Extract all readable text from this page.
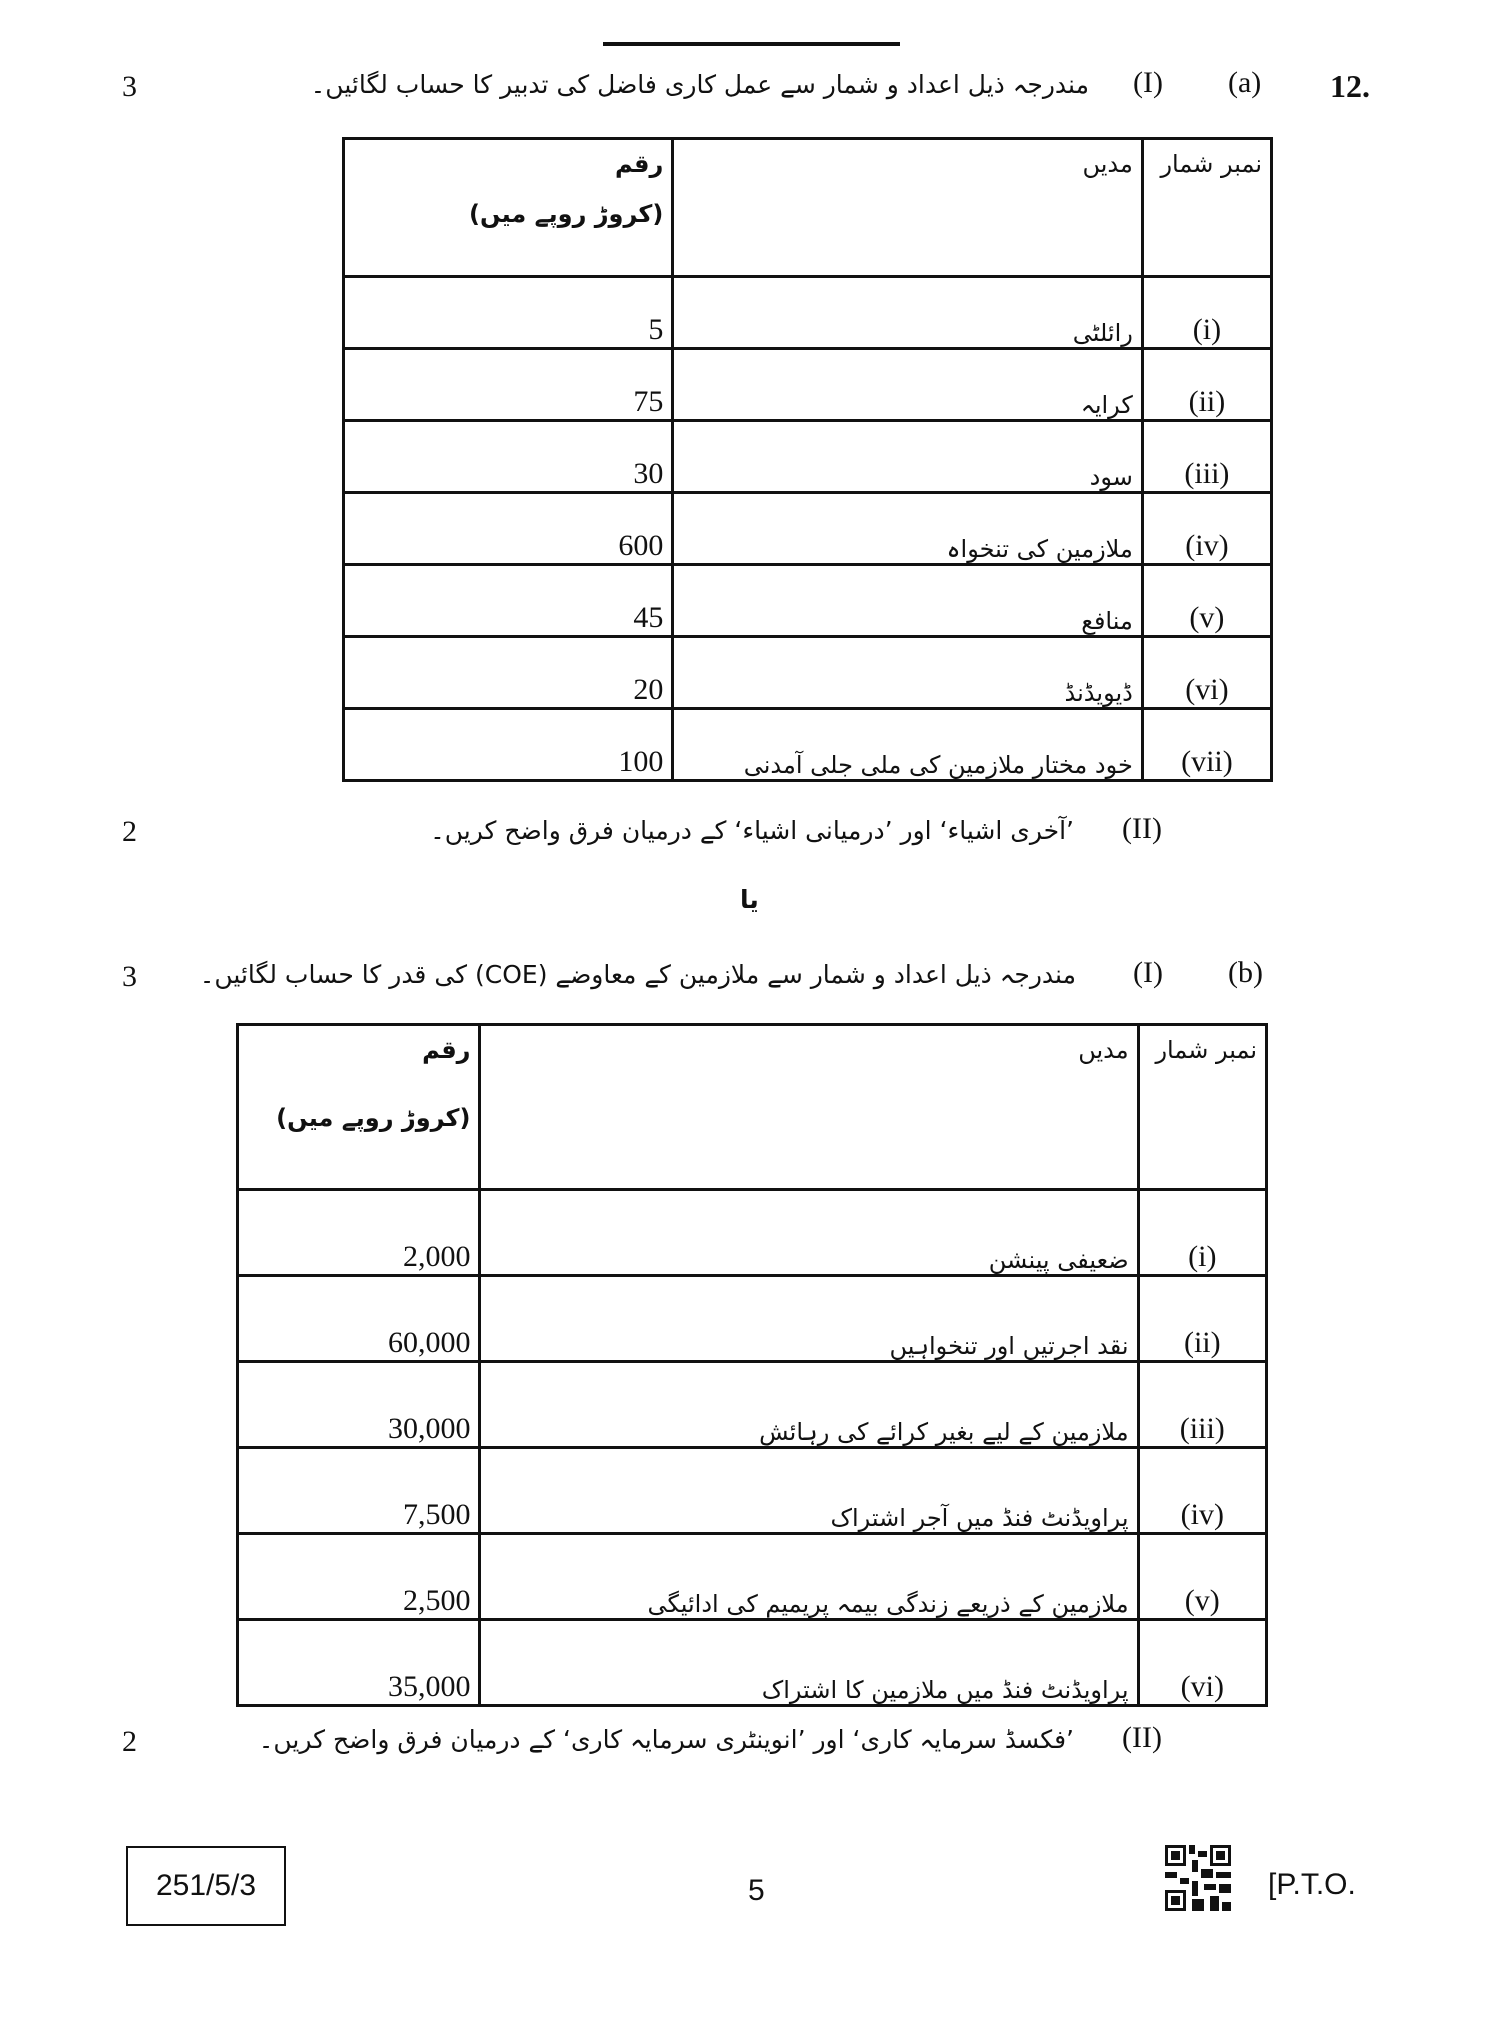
3	12.
(a)
(I)
مندرجہ ذیل اعداد و شمار سے عمل کاری فاضل کی تدبیر کا حساب لگائیں۔
رقم
(کروڑ روپے میں)	مدیں	نمبر شمار
5	رائلٹی	(i)
75	کرایہ	(ii)
30	سود	(iii)
600	ملازمین کی تنخواہ	(iv)
45	منافع	(v)
20	ڈیویڈنڈ	(vi)
100	خود مختار ملازمین کی ملی جلی آمدنی	(vii)
2	(II)
’آخری اشیاء‘ اور ’درمیانی اشیاء‘ کے درمیان فرق واضح کریں۔
یا
3	(b)
(I)
مندرجہ ذیل اعداد و شمار سے ملازمین کے معاوضے (COE) کی قدر کا حساب لگائیں۔
رقم
(کروڑ روپے میں)	مدیں	نمبر شمار
2,000	ضعیفی پینشن	(i)
60,000	نقد اجرتیں اور تنخواہیں	(ii)
30,000	ملازمین کے لیے بغیر کرائے کی رہائش	(iii)
7,500	پراویڈنٹ فنڈ میں آجر اشتراک	(iv)
2,500	ملازمین کے ذریعے زندگی بیمہ پریمیم کی ادائیگی	(v)
35,000	پراویڈنٹ فنڈ میں ملازمین کا اشتراک	(vi)
2	(II)
’فکسڈ سرمایہ کاری‘ اور ’انوینٹری سرمایہ کاری‘ کے درمیان فرق واضح کریں۔
251/5/3	5	[P.T.O.
